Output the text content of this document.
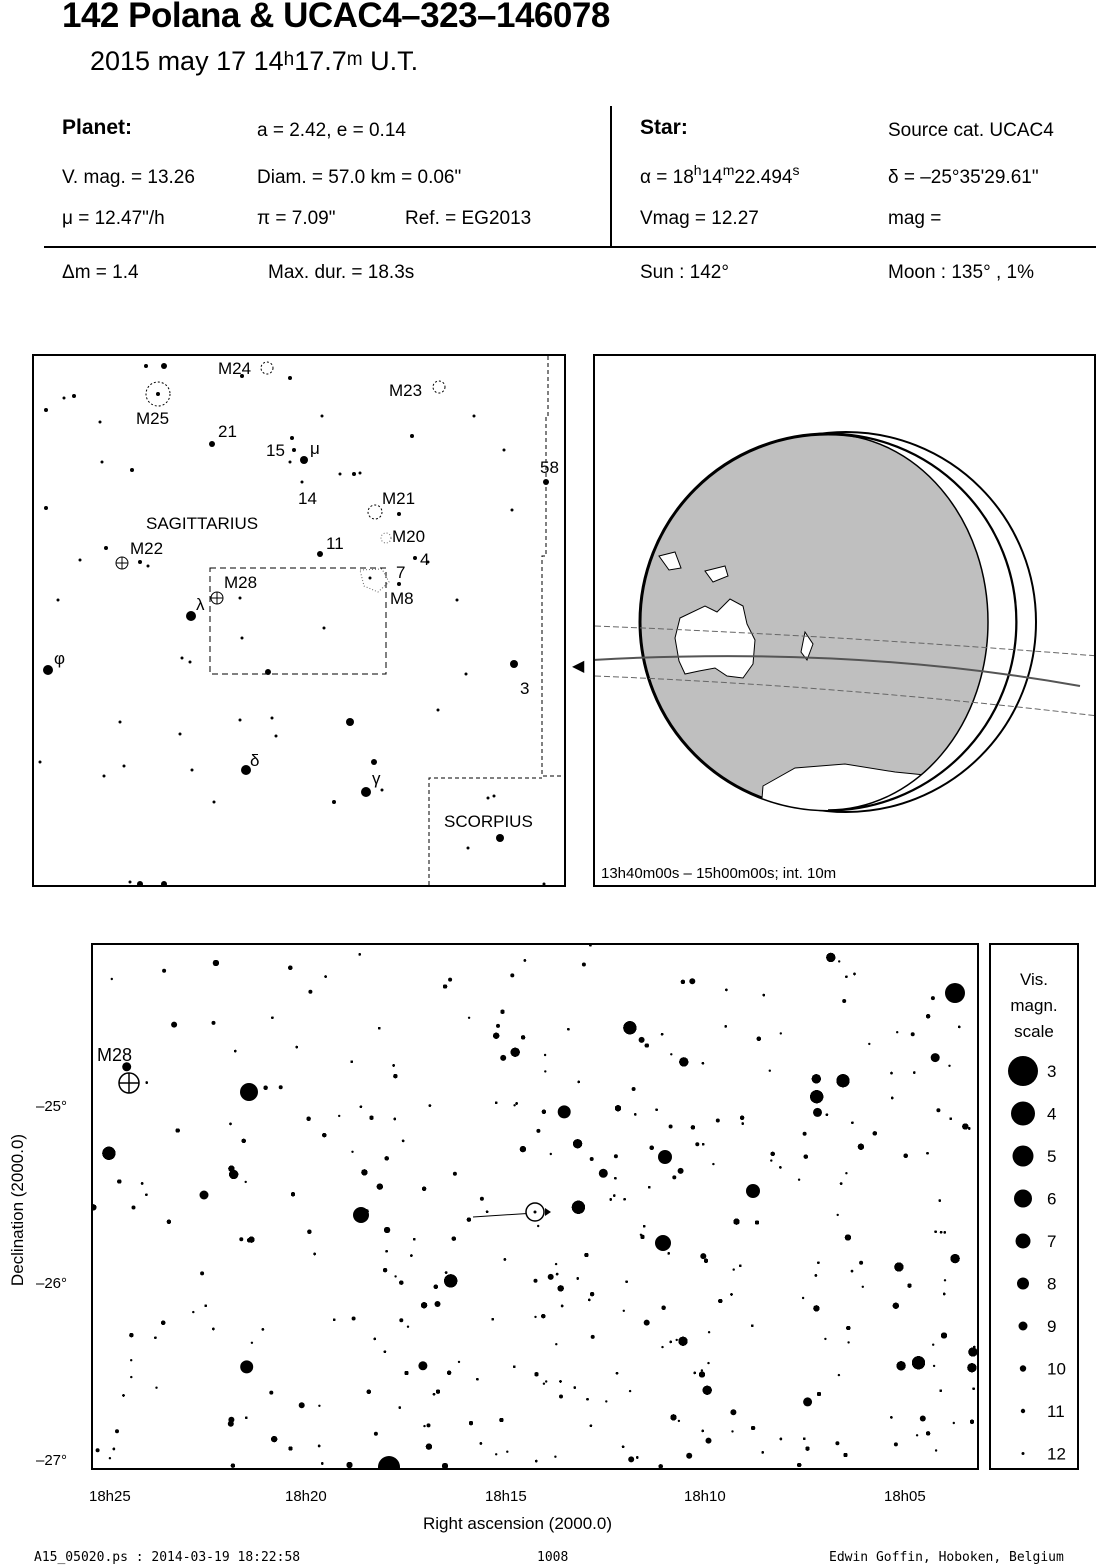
142 Polana & UCAC4–323–146078
2015 may 17 14$^h$17.7$^m$ U.T.
Planet:	a = 2.42, e = 0.14
V. mag. = 13.26	Diam. = 57.0 km = 0.06"
μ = 12.47"/h	π = 7.09"	Ref. = EG2013
Star:	Source cat. UCAC4
$\alpha = 18^h14^m22.494^s$	δ = –25°35'29.61"
Vmag = 12.27	mag =
Δm = 1.4	Max. dur. = 18.3s	Sun : 142°	Moon : 135° , 1%
SAGITTARIUS
SCORPIUS
M24
M23
M25
21
15 μ
58
14	M21
11	M20
4
M22
7
M28
λ	M8
φ
3
δ
γ
13h40m00s – 15h00m00s; int. 10m
◀
M28
–25°
–26°
–27°
Declination (2000.0)
18h25	18h20	18h15	18h10	18h05
Right ascension (2000.0)
Vis.
magn.
scale
3
4
5
6
7
8
9
10
11
12
A15_05020.ps : 2014-03-19 18:22:58	1008	Edwin Goffin, Hoboken, Belgium
